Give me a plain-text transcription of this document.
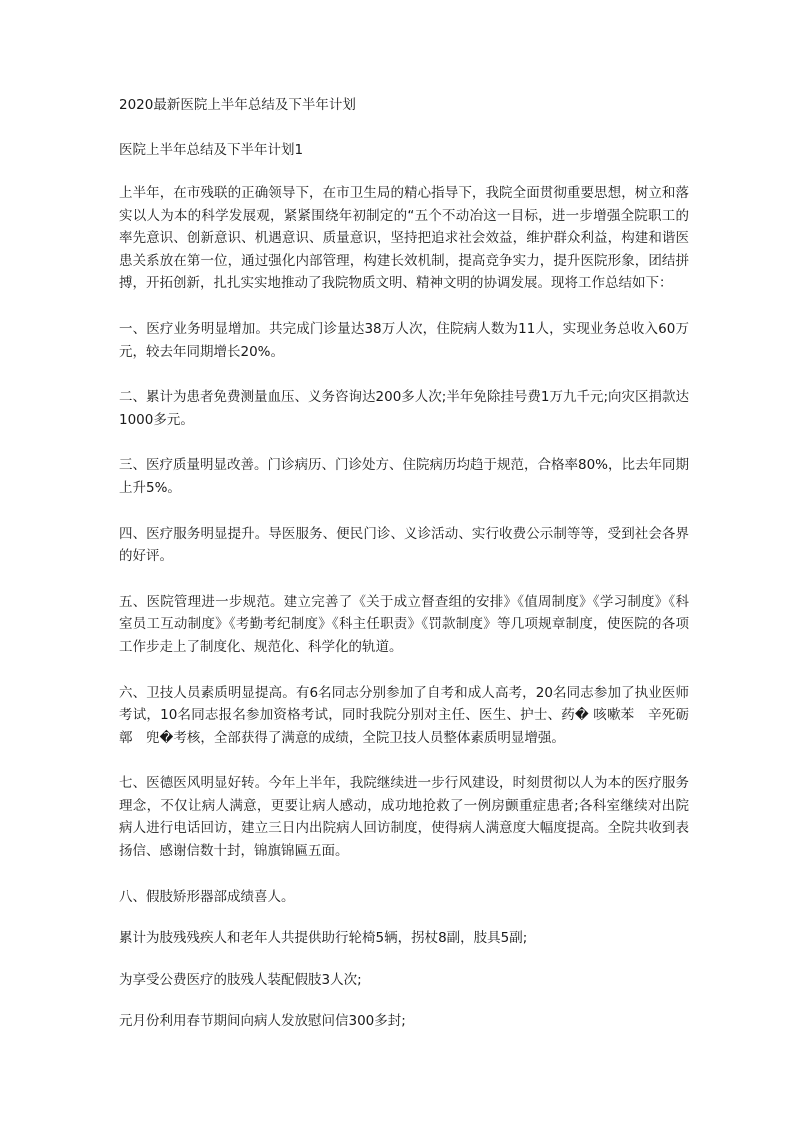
2020最新医院上半年总结及下半年计划

医院上半年总结及下半年计划1

上半年，在市残联的正确领导下，在市卫生局的精心指导下，我院全面贯彻重要思想，树立和落实以人为本的科学发展观，紧紧围绕年初制定的“五个不动冶这一目标，进一步增强全院职工的率先意识、创新意识、机遇意识、质量意识，坚持把追求社会效益，维护群众利益，构建和谐医患关系放在第一位，通过强化内部管理，构建长效机制，提高竞争实力，提升医院形象，团结拼搏，开拓创新，扎扎实实地推动了我院物质文明、精神文明的协调发展。现将工作总结如下：

一、医疗业务明显增加。共完成门诊量达38万人次，住院病人数为11人，实现业务总收入60万元，较去年同期增长20%。

二、累计为患者免费测量血压、义务咨询达200多人次;半年免除挂号费1万九千元;向灾区捐款达1000多元。

三、医疗质量明显改善。门诊病历、门诊处方、住院病历均趋于规范，合格率80%，比去年同期上升5%。

四、医疗服务明显提升。导医服务、便民门诊、义诊活动、实行收费公示制等等，受到社会各界的好评。

五、医院管理进一步规范。建立完善了《关于成立督查组的安排》《值周制度》《学习制度》《科室员工互动制度》《考勤考纪制度》《科主任职责》《罚款制度》等几项规章制度，使医院的各项工作步走上了制度化、规范化、科学化的轨道。

六、卫技人员素质明显提高。有6名同志分别参加了自考和成人高考，20名同志参加了执业医师考试，10名同志报名参加资格考试，同时我院分别对主任、医生、护士、药� 咳嗽苯　辛死砺鄣　兜�考核，全部获得了满意的成绩，全院卫技人员整体素质明显增强。

七、医德医风明显好转。今年上半年，我院继续进一步行风建设，时刻贯彻以人为本的医疗服务理念，不仅让病人满意，更要让病人感动，成功地抢救了一例房颤重症患者;各科室继续对出院病人进行电话回访，建立三日内出院病人回访制度，使得病人满意度大幅度提高。全院共收到表扬信、感谢信数十封，锦旗锦匾五面。

八、假肢矫形器部成绩喜人。

累计为肢残残疾人和老年人共提供助行轮椅5辆，拐杖8副，肢具5副;

为享受公费医疗的肢残人装配假肢3人次;

元月份利用春节期间向病人发放慰问信300多封;
